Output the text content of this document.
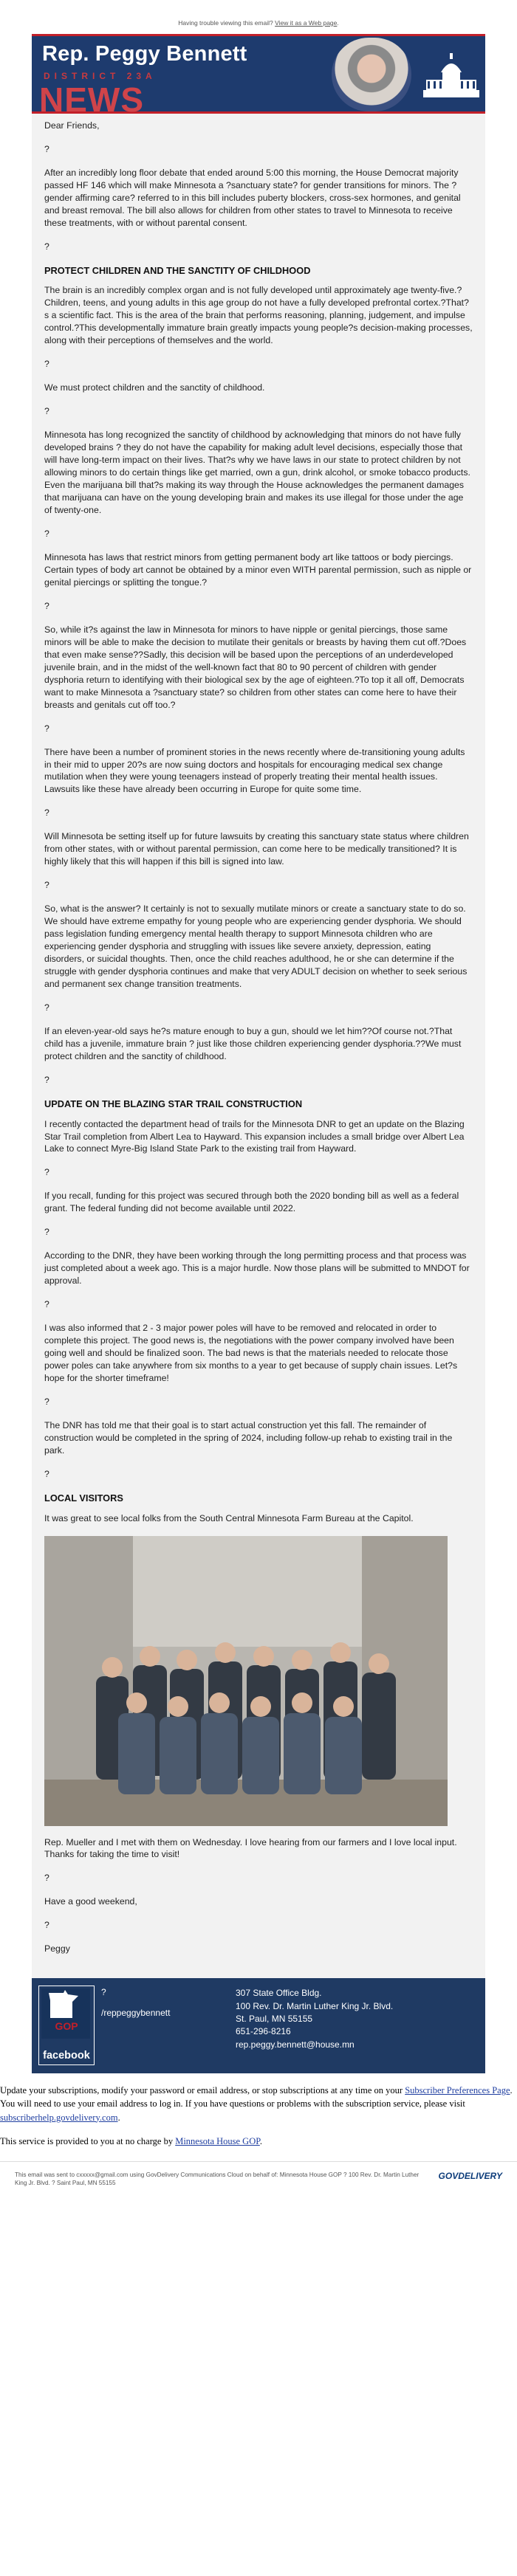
Having trouble viewing this email? View it as a Web page.
Rep. Peggy Bennett
DISTRICT 23A
NEWS

Dear Friends,

?

After an incredibly long floor debate that ended around 5:00 this morning, the House Democrat majority passed HF 146 which will make Minnesota a ?sanctuary state? for gender transitions for minors. The ?gender affirming care? referred to in this bill includes puberty blockers, cross-sex hormones, and genital and breast removal. The bill also allows for children from other states to travel to Minnesota to receive these treatments, with or without parental consent.

?

PROTECT CHILDREN AND THE SANCTITY OF CHILDHOOD

The brain is an incredibly complex organ and is not fully developed until approximately age twenty-five.?Children, teens, and young adults in this age group do not have a fully developed prefrontal cortex.?That?s a scientific fact. This is the area of the brain that performs reasoning, planning, judgement, and impulse control.?This developmentally immature brain greatly impacts young people?s decision-making processes, along with their perceptions of themselves and the world.

?

We must protect children and the sanctity of childhood.

?

Minnesota has long recognized the sanctity of childhood by acknowledging that minors do not have fully developed brains ? they do not have the capability for making adult level decisions, especially those that will have long-term impact on their lives. That?s why we have laws in our state to protect children by not allowing minors to do certain things like get married, own a gun, drink alcohol, or smoke tobacco products. Even the marijuana bill that?s making its way through the House acknowledges the permanent damages that marijuana can have on the young developing brain and makes its use illegal for those under the age of twenty-one.

?

Minnesota has laws that restrict minors from getting permanent body art like tattoos or body piercings. Certain types of body art cannot be obtained by a minor even WITH parental permission, such as nipple or genital piercings or splitting the tongue.?

?

So, while it?s against the law in Minnesota for minors to have nipple or genital piercings, those same minors will be able to make the decision to mutilate their genitals or breasts by having them cut off.?Does that even make sense??Sadly, this decision will be based upon the perceptions of an underdeveloped juvenile brain, and in the midst of the well-known fact that 80 to 90 percent of children with gender dysphoria return to identifying with their biological sex by the age of eighteen.?To top it all off, Democrats want to make Minnesota a ?sanctuary state? so children from other states can come here to have their breasts and genitals cut off too.?

?

There have been a number of prominent stories in the news recently where de-transitioning young adults in their mid to upper 20?s are now suing doctors and hospitals for encouraging medical sex change mutilation when they were young teenagers instead of properly treating their mental health issues. Lawsuits like these have already been occurring in Europe for quite some time.

?

Will Minnesota be setting itself up for future lawsuits by creating this sanctuary state status where children from other states, with or without parental permission, can come here to be medically transitioned? It is highly likely that this will happen if this bill is signed into law.

?

So, what is the answer? It certainly is not to sexually mutilate minors or create a sanctuary state to do so. We should have extreme empathy for young people who are experiencing gender dysphoria. We should pass legislation funding emergency mental health therapy to support Minnesota children who are experiencing gender dysphoria and struggling with issues like severe anxiety, depression, eating disorders, or suicidal thoughts. Then, once the child reaches adulthood, he or she can determine if the struggle with gender dysphoria continues and make that very ADULT decision on whether to seek serious and permanent sex change transition treatments.

?

If an eleven-year-old says he?s mature enough to buy a gun, should we let him??Of course not.?That child has a juvenile, immature brain ? just like those children experiencing gender dysphoria.??We must protect children and the sanctity of childhood.

?

UPDATE ON THE BLAZING STAR TRAIL CONSTRUCTION

I recently contacted the department head of trails for the Minnesota DNR to get an update on the Blazing Star Trail completion from Albert Lea to Hayward. This expansion includes a small bridge over Albert Lea Lake to connect Myre-Big Island State Park to the existing trail from Hayward.

?

If you recall, funding for this project was secured through both the 2020 bonding bill as well as a federal grant. The federal funding did not become available until 2022.

?

According to the DNR, they have been working through the long permitting process and that process was just completed about a week ago. This is a major hurdle. Now those plans will be submitted to MNDOT for approval.

?

I was also informed that 2 - 3 major power poles will have to be removed and relocated in order to complete this project. The good news is, the negotiations with the power company involved have been going well and should be finalized soon. The bad news is that the materials needed to relocate those power poles can take anywhere from six months to a year to get because of supply chain issues. Let?s hope for the shorter timeframe!

?

The DNR has told me that their goal is to start actual construction yet this fall. The remainder of construction would be completed in the spring of 2024, including follow-up rehab to existing trail in the park.

?

LOCAL VISITORS

It was great to see local folks from the South Central Minnesota Farm Bureau at the Capitol.

Rep. Mueller and I met with them on Wednesday. I love hearing from our farmers and I love local input. Thanks for taking the time to visit!

?

Have a good weekend,

?

Peggy

GOP
facebook
?
/reppeggybennett
307 State Office Bldg.
100 Rev. Dr. Martin Luther King Jr. Blvd.
St. Paul, MN 55155
651-296-8216
rep.peggy.bennett@house.mn

Update your subscriptions, modify your password or email address, or stop subscriptions at any time on your Subscriber Preferences Page. You will need to use your email address to log in. If you have questions or problems with the subscription service, please visit subscriberhelp.govdelivery.com.

This service is provided to you at no charge by Minnesota House GOP.

This email was sent to cxxxxx@gmail.com using GovDelivery Communications Cloud on behalf of: Minnesota House GOP ? 100 Rev. Dr. Martin Luther King Jr. Blvd. ? Saint Paul, MN 55155
GOVDELIVERY
